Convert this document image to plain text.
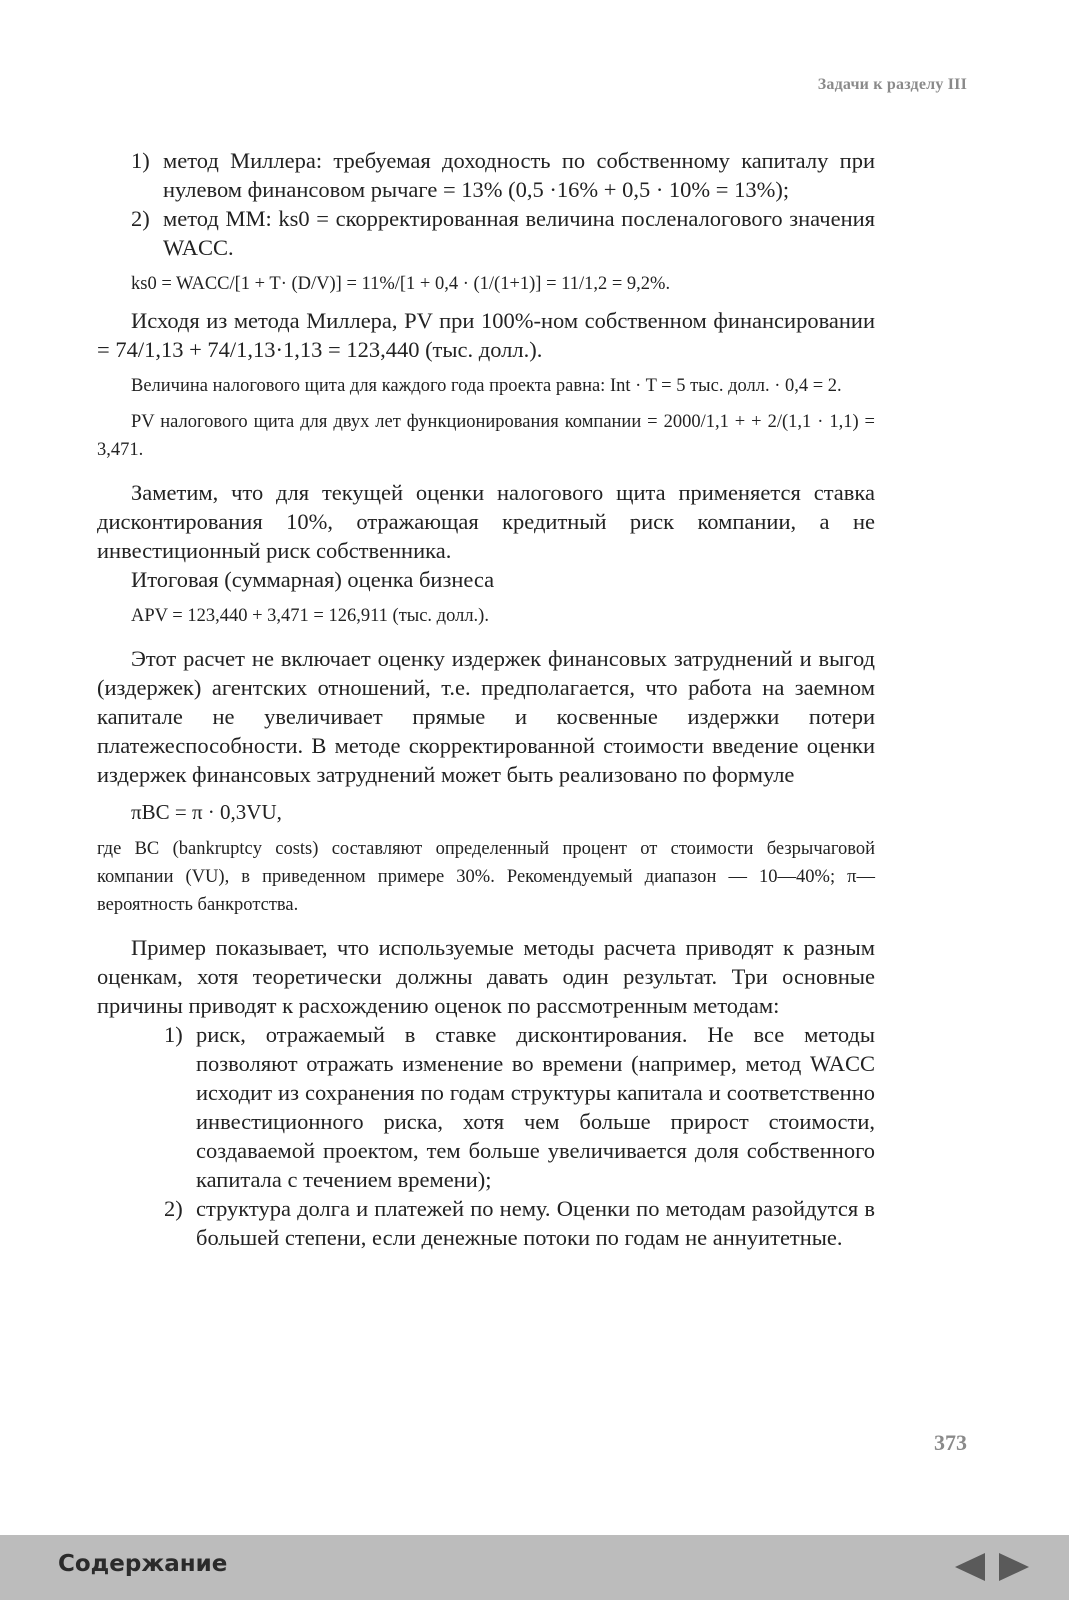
Задачи к разделу III
1) метод Миллера: требуемая доходность по собственному капиталу при нулевом финансовом рычаге = 13% (0,5 ·16% + 0,5 · 10% = 13%);
2) метод ММ: ks0 = скорректированная величина посленалогового значения WACC.

ks0 = WACC/[1 + T· (D/V)] = 11%/[1 + 0,4 · (1/(1+1)] = 11/1,2 = 9,2%.

Исходя из метода Миллера, PV при 100%-ном собственном финансировании = 74/1,13 + 74/1,13·1,13 = 123,440 (тыс. долл.).

Величина налогового щита для каждого года проекта равна: Int · T = 5 тыс. долл. · 0,4 = 2.

PV налогового щита для двух лет функционирования компании = 2000/1,1 + + 2/(1,1 · 1,1) = 3,471.

Заметим, что для текущей оценки налогового щита применяется ставка дисконтирования 10%, отражающая кредитный риск компании, а не инвестиционный риск собственника.

Итоговая (суммарная) оценка бизнеса

APV = 123,440 + 3,471 = 126,911 (тыс. долл.).

Этот расчет не включает оценку издержек финансовых затруднений и выгод (издержек) агентских отношений, т.е. предполагается, что работа на заемном капитале не увеличивает прямые и косвенные издержки потери платежеспособности. В методе скорректированной стоимости введение оценки издержек финансовых затруднений может быть реализовано по формуле

πBC = π · 0,3VU,

где BC (bankruptcy costs) составляют определенный процент от стоимости безрычаговой компании (VU), в приведенном примере 30%. Рекомендуемый диапазон — 10—40%; π— вероятность банкротства.

Пример показывает, что используемые методы расчета приводят к разным оценкам, хотя теоретически должны давать один результат. Три основные причины приводят к расхождению оценок по рассмотренным методам:

1) риск, отражаемый в ставке дисконтирования. Не все методы позволяют отражать изменение во времени (например, метод WACC исходит из сохранения по годам структуры капитала и соответственно инвестиционного риска, хотя чем больше прирост стоимости, создаваемой проектом, тем больше увеличивается доля собственного капитала с течением времени);
2) структура долга и платежей по нему. Оценки по методам разойдутся в большей степени, если денежные потоки по годам не аннуитетные.
373
Содержание
